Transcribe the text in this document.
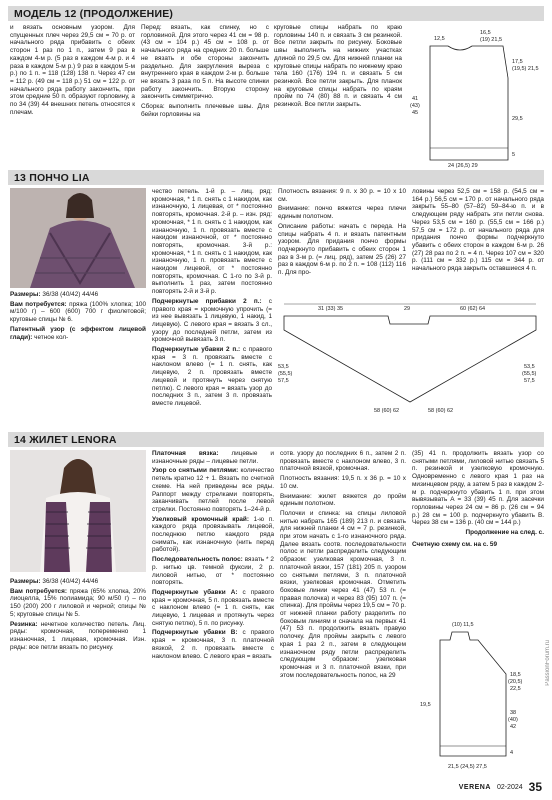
МОДЕЛЬ 12 (ПРОДОЛЖЕНИЕ)

и вязать основным узором. Для спущенных плеч через 29,5 см = 70 р. от начального ряда прибавить с обеих сторон 1 раз по 1 п., затем 9 раз в каждом 4-м р. (5 раз в каждом 4-м р. и 4 раза в каждом 5-м р.) 9 раз в каждом 5-м р.) по 1 п. = 118 (128) 138 п. Через 47 см = 112 р. (49 см = 118 р.) 51 см = 122 р. от начального ряда работу закончить, при этом средние 50 п. образуют горловину, а по 34 (39) 44 внешних петель относятся к плечам.

Перед: вязать, как спинку, но с горловиной. Для этого через 41 см = 98 р. (43 см = 104 р.) 45 см = 108 р. от начального ряда на средних 20 п. больше не вязать и обе стороны закончить раздельно. Для закругления выреза с внутреннего края в каждом 2-м р. больше не вязать 3 раза по 5 п. На высоте спинки работу закончить. Вторую сторону закончить симметрично.

Сборка: выполнить плечевые швы. Для бейки горловины на

круговые спицы набрать по краю горловины 140 п. и связать 3 см резинкой. Все петли закрыть по рисунку. Боковые швы выполнить на нижних участках длиной по 29,5 см. Для нижней планки на круговые спицы набрать по нижнему краю тела 160 (176) 194 п. и связать 5 см резинкой. Все петли закрыть. Для планок на круговые спицы набрать по краям пройм по 74 (80) 88 п. и связать 4 см резинкой. Все петли закрыть.

12,5
16,5
(19) 21,5
17,5
(19,5) 21,5
41
(43)
45
29,5
5
24 (26,5) 29
13 ПОНЧО LIA

Размеры: 36/38 (40/42) 44/46

Вам потребуется: пряжа (100% хлопка; 100 м/100 г) – 600 (600) 700 г фиолетовой; круговые спицы № 6.

Патентный узор (с эффектом лицевой глади): четное кол-

чество петель. 1-й р. – лиц. ряд: кромочная, * 1 п. снять с 1 накидом, как изнаночную, 1 лицевая, от * постоянно повторять, кромочная. 2-й р. – изн. ряд: кромочная, * 1 п. снять с 1 накидом, как изнаночную, 1 п. провязать вместе с накидом изнаночной, от * постоянно повторять, кромочная. 3-й р.: кромочная, * 1 п. снять с 1 накидом, как изнаночную, 1 п. провязать вместе с накидом лицевой, от * постоянно повторять, кромочная. С 1-го по 3-й р. выполнить 1 раз, затем постоянно повторять 2-й и 3-й р.

Подчеркнутые прибавки 2 п.: с правого края = кромочную упрочить (= из нее вывязать 1 лицевую, 1 накид, 1 лицевую). С левого края = вязать 3 сл., узору до последней петли, затем из кромочной вывязать 3 п.

Подчеркнутые убавки 2 п.: с правого края = 3 п. провязать вместе с наклоном влево (= 1 п. снять, как лицевую, 2 п. провязать вместе лицевой и протянуть через снятую петлю). С левого края = вязать узор до последних 3 п., затем 3 п. провязать вместе лицевой.

Плотность вязания: 9 п. х 30 р. = 10 х 10 см.

Внимание: пончо вяжется через плечи единым полотном.

Описание работы: начать с переда. На спицы набрать 4 п. и вязать патентным узором. Для придания пончо формы подчеркнуто прибавить с обеих сторон 1 раз в 3-м р. (= лиц. ряд), затем 25 (26) 27 раз в каждом 6-м р. по 2 п. = 108 (112) 116 п. Для про-

ловины через 52,5 см = 158 р. (54,5 см = 164 р.) 56,5 см = 170 р. от начального ряда закрыть 55–80 (57–82) 59–84-ю п. и в следующем ряду набрать эти петли снова. Через 53,5 см = 160 р. (55,5 см = 166 р.) 57,5 см = 172 р. от начального ряда для придания пончо формы подчеркнуто убавить с обеих сторон в каждом 6-м р. 26 (27) 28 раз по 2 п. = 4 п. Через 107 см = 320 р. (111 см = 332 р.) 115 см = 344 р. от начального ряда закрыть оставшиеся 4 п.

31 (33) 35	29	60 (62) 64
53,5
(55,5)
57,5
53,5
(55,5)
57,5
58 (60) 62	58 (60) 62
14 ЖИЛЕТ LENORA

Размеры: 36/38 (40/42) 44/46

Вам потребуется: пряжа (65% хлопка, 20% лиоцелла, 15% полиамида; 90 м/50 г) – по 150 (200) 200 г лиловой и черной; спицы № 5; круговые спицы № 5.

Резинка: нечетное количество петель. Лиц. ряды: кромочная, попеременно 1 изнаночная, 1 лицевая, кромочная. Изн. ряды: все петли вязать по рисунку.

Платочная вязка: лицевые и изнаночные ряды – лицевые петли.

Узор со снятыми петлями: количество петель кратно 12 + 1. Вязать по счетной схеме. На ней приведены все ряды. Раппорт между стрелками повторять, заканчивать петлей после левой стрелки. Постоянно повторять 1–24-й р.

Узелковый кромочный край: 1-ю п. каждого ряда провязывать лицевой, последнюю петлю каждого ряда снимать, как изнаночную (нить перед работой).

Последовательность полос: вязать * 2 р. нитью цв. темной фуксии, 2 р. лиловой нитью, от * постоянно повторять.

Подчеркнутые убавки А: с правого края = кромочная, 5 п. провязать вместе с наклоном влево (= 1 п. снять, как лицевую, 1 лицевая и протянуть через снятую петлю), 5 п. по рисунку.

Подчеркнутые убавки В: с правого края = кромочная, 3 п. платочной вязкой, 2 п. провязать вместе с наклоном влево. С левого края = вязать

сотв. узору до последних 6 п., затем 2 п. провязать вместе с наклоном влево, 3 п. платочной вязкой, кромочная.

Плотность вязания: 19,5 п. х 36 р. = 10 х 10 см.

Внимание: жилет вяжется до пройм единым полотном.

Полочки и спинка: на спицы лиловой нитью набрать 165 (189) 213 п. и связать для нижней планки 4 см = 7 р. резинкой, при этом начать с 1-го изнаночного ряда. Далее вязать соотв. последовательности полос и петли распределить следующим образом: узелковая кромочная, 3 п. платочной вязки, 157 (181) 205 п. узором со снятыми петлями, 3 п. платочной вязки, узелковая кромочная. Отметить боковые линии через 41 (47) 53 п. (= правая полочка) и через 83 (95) 107 п. (= спинка). Для проймы через 19,5 см = 70 р. от нижней планки работу разделить по боковым линиям и сначала на первых 41 (47) 53 п. продолжить вязать правую полочку. Для проймы закрыть с левого края 1 раз 2 п., затем в следующем изнаночном ряду петли распределить следующим образом: узелковая кромочная и 3 п. платочной вязки, при этом последовательность полос, на 29

(35) 41 п. продолжить вязать узор со снятыми петлями, лиловой нитью связать 5 п. резинкой и узелковую кромочную. Одновременно с левого края 1 раз на мизинцевом ряду, а затем 5 раз в каждом 2-м р. подчеркнуто убавить 1 п. при этом вывязывать А = 33 (39) 45 п. Для засечки горловины через 24 см = 86 р. (26 см = 94 р.) 28 см = 100 р. подчеркнуто убавить В. Через 38 см = 136 р. (40 см = 144 р.)

Продолжение на след. с.

Счетную схему см. на с. 59

(10) 11,5
18,5
(20,5)
22,5
19,5
38
(40)
42
4
21,5 (24,5) 27,5
VERENA 02-2024 35
PassionForum.ru
